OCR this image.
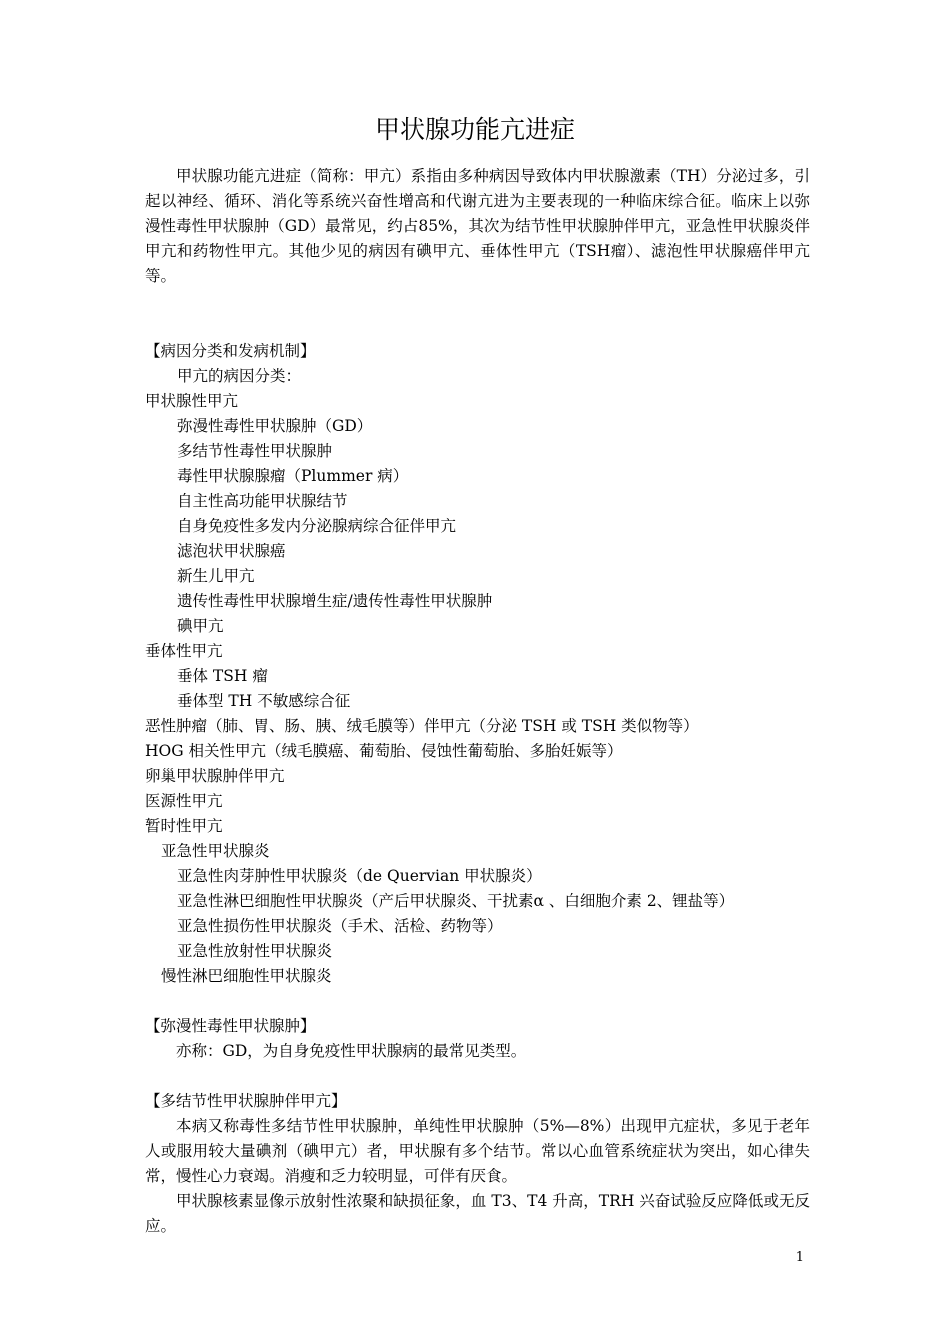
甲状腺功能亢进症

甲状腺功能亢进症（简称：甲亢）系指由多种病因导致体内甲状腺激素（TH）分泌过多，引起以神经、循环、消化等系统兴奋性增高和代谢亢进为主要表现的一种临床综合征。临床上以弥漫性毒性甲状腺肿（GD）最常见，约占85%，其次为结节性甲状腺肿伴甲亢，亚急性甲状腺炎伴甲亢和药物性甲亢。其他少见的病因有碘甲亢、垂体性甲亢（TSH瘤）、滤泡性甲状腺癌伴甲亢等。

【病因分类和发病机制】

甲亢的病因分类：

甲状腺性甲亢

弥漫性毒性甲状腺肿（GD）

多结节性毒性甲状腺肿

毒性甲状腺腺瘤（Plummer 病）

自主性高功能甲状腺结节

自身免疫性多发内分泌腺病综合征伴甲亢

滤泡状甲状腺癌

新生儿甲亢

遗传性毒性甲状腺增生症/遗传性毒性甲状腺肿

碘甲亢

垂体性甲亢

垂体 TSH 瘤

垂体型 TH 不敏感综合征

恶性肿瘤（肺、胃、肠、胰、绒毛膜等）伴甲亢（分泌 TSH 或 TSH 类似物等）

HOG 相关性甲亢（绒毛膜癌、葡萄胎、侵蚀性葡萄胎、多胎妊娠等）

卵巢甲状腺肿伴甲亢

医源性甲亢

暂时性甲亢

亚急性甲状腺炎

亚急性肉芽肿性甲状腺炎（de Quervian 甲状腺炎）

亚急性淋巴细胞性甲状腺炎（产后甲状腺炎、干扰素α 、白细胞介素 2、锂盐等）

亚急性损伤性甲状腺炎（手术、活检、药物等）

亚急性放射性甲状腺炎

慢性淋巴细胞性甲状腺炎

【弥漫性毒性甲状腺肿】

亦称：GD，为自身免疫性甲状腺病的最常见类型。

【多结节性甲状腺肿伴甲亢】

本病又称毒性多结节性甲状腺肿，单纯性甲状腺肿（5%—8%）出现甲亢症状，多见于老年人或服用较大量碘剂（碘甲亢）者，甲状腺有多个结节。常以心血管系统症状为突出，如心律失常，慢性心力衰竭。消瘦和乏力较明显，可伴有厌食。

甲状腺核素显像示放射性浓聚和缺损征象，血 T3、T4 升高，TRH 兴奋试验反应降低或无反应。

1
